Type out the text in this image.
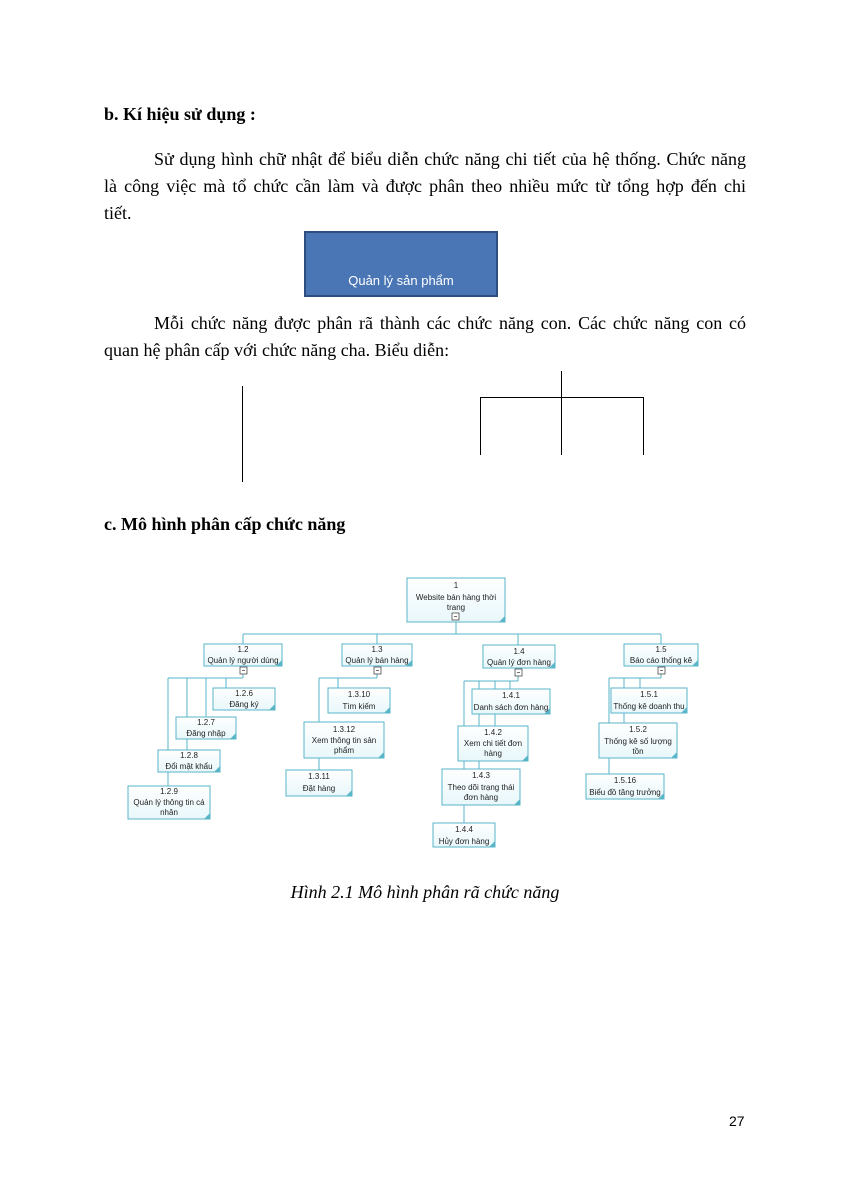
b. Kí hiệu sử dụng :
Sử dụng hình chữ nhật để biểu diễn chức năng chi tiết của hệ thống. Chức năng
là công việc mà tổ chức cần làm và được phân theo nhiều mức từ tổng hợp đến chi
tiết.
Quản lý sản phẩm
Mỗi chức năng được phân rã thành các chức năng con. Các chức năng con có
quan hệ phân cấp với chức năng cha. Biểu diễn:
c. Mô hình phân cấp chức năng
1
Website bán hàng thời
trang
1.2
Quản lý người dùng
1.3
Quản lý bán hàng
1.4
Quản lý đơn hàng
1.5
Báo cáo thống kê
1.2.6
Đăng ký
1.2.7
Đăng nhập
1.2.8
Đổi mật khẩu
1.2.9
Quản lý thông tin cá
nhân
1.3.10
Tìm kiếm
1.3.12
Xem thông tin sản
phẩm
1.3.11
Đặt hàng
1.4.1
Danh sách đơn hàng
1.4.2
Xem chi tiết đơn
hàng
1.4.3
Theo dõi trạng thái
đơn hàng
1.4.4
Hủy đơn hàng
1.5.1
Thống kê doanh thu
1.5.2
Thống kê số lượng
tồn
1.5.16
Biểu đồ tăng trưởng
Hình 2.1 Mô hình phân rã chức năng
27
